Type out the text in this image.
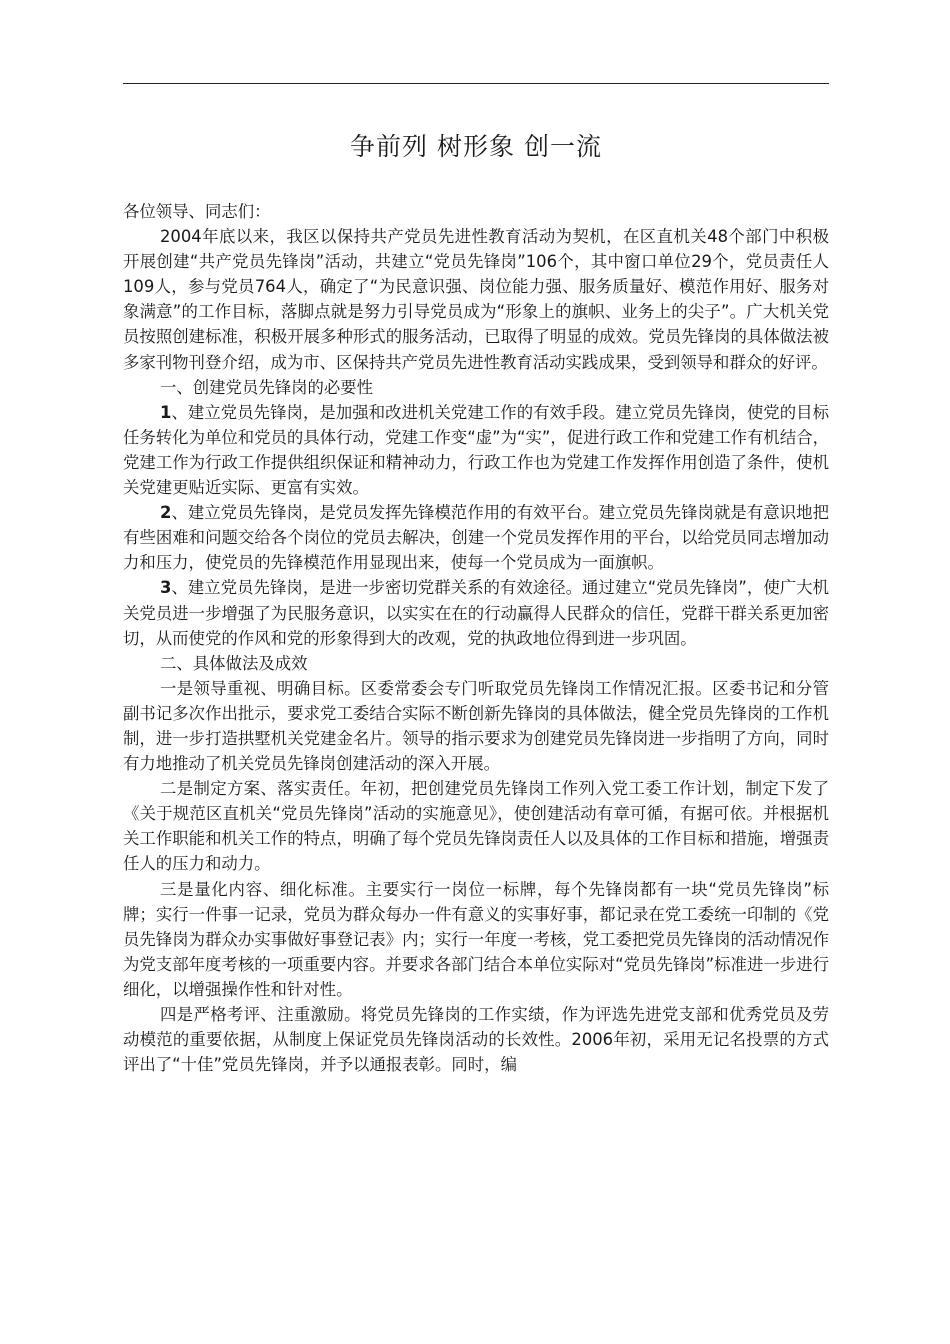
争前列 树形象 创一流

各位领导、同志们：

2004年底以来，我区以保持共产党员先进性教育活动为契机，在区直机关48个部门中积极开展创建“共产党员先锋岗”活动，共建立“党员先锋岗”106个，其中窗口单位29个，党员责任人109人，参与党员764人，确定了“为民意识强、岗位能力强、服务质量好、模范作用好、服务对象满意”的工作目标，落脚点就是努力引导党员成为“形象上的旗帜、业务上的尖子”。广大机关党员按照创建标准，积极开展多种形式的服务活动，已取得了明显的成效。党员先锋岗的具体做法被多家刊物刊登介绍，成为市、区保持共产党员先进性教育活动实践成果，受到领导和群众的好评。

一、创建党员先锋岗的必要性

1、建立党员先锋岗，是加强和改进机关党建工作的有效手段。建立党员先锋岗，使党的目标任务转化为单位和党员的具体行动，党建工作变“虚”为“实”，促进行政工作和党建工作有机结合，党建工作为行政工作提供组织保证和精神动力，行政工作也为党建工作发挥作用创造了条件，使机关党建更贴近实际、更富有实效。

2、建立党员先锋岗，是党员发挥先锋模范作用的有效平台。建立党员先锋岗就是有意识地把有些困难和问题交给各个岗位的党员去解决，创建一个党员发挥作用的平台，以给党员同志增加动力和压力，使党员的先锋模范作用显现出来，使每一个党员成为一面旗帜。

3、建立党员先锋岗，是进一步密切党群关系的有效途径。通过建立“党员先锋岗”，使广大机关党员进一步增强了为民服务意识，以实实在在的行动赢得人民群众的信任，党群干群关系更加密切，从而使党的作风和党的形象得到大的改观，党的执政地位得到进一步巩固。

二、具体做法及成效

一是领导重视、明确目标。区委常委会专门听取党员先锋岗工作情况汇报。区委书记和分管副书记多次作出批示，要求党工委结合实际不断创新先锋岗的具体做法，健全党员先锋岗的工作机制，进一步打造拱墅机关党建金名片。领导的指示要求为创建党员先锋岗进一步指明了方向，同时有力地推动了机关党员先锋岗创建活动的深入开展。

二是制定方案、落实责任。年初，把创建党员先锋岗工作列入党工委工作计划，制定下发了《关于规范区直机关“党员先锋岗”活动的实施意见》，使创建活动有章可循，有据可依。并根据机关工作职能和机关工作的特点，明确了每个党员先锋岗责任人以及具体的工作目标和措施，增强责任人的压力和动力。

三是量化内容、细化标准。主要实行一岗位一标牌，每个先锋岗都有一块“党员先锋岗”标牌；实行一件事一记录，党员为群众每办一件有意义的实事好事，都记录在党工委统一印制的《党员先锋岗为群众办实事做好事登记表》内；实行一年度一考核，党工委把党员先锋岗的活动情况作为党支部年度考核的一项重要内容。并要求各部门结合本单位实际对“党员先锋岗”标准进一步进行细化，以增强操作性和针对性。

四是严格考评、注重激励。将党员先锋岗的工作实绩，作为评选先进党支部和优秀党员及劳动模范的重要依据，从制度上保证党员先锋岗活动的长效性。2006年初，采用无记名投票的方式评出了“十佳”党员先锋岗，并予以通报表彰。同时，编
